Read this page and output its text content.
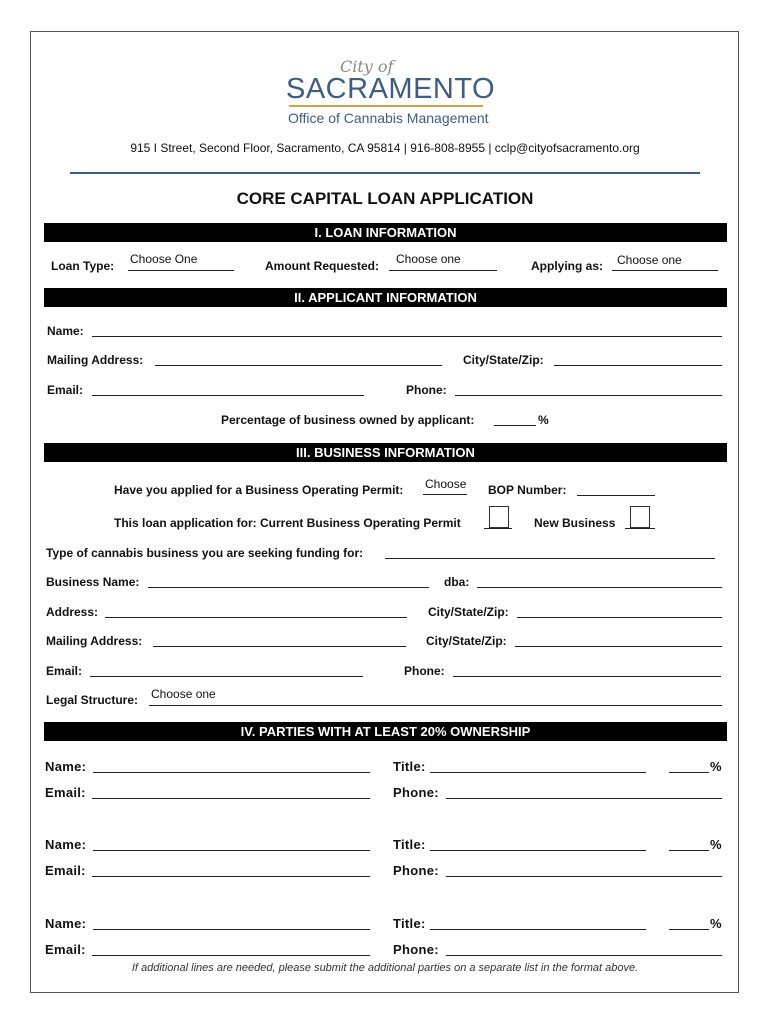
City of
SACRAMENTO
Office of Cannabis Management
915 I Street, Second Floor, Sacramento, CA 95814 | 916-808-8955 | cclp@cityofsacramento.org
CORE CAPITAL LOAN APPLICATION
I. LOAN INFORMATION
Loan Type: Choose One	Amount Requested: Choose one	Applying as: Choose one
II. APPLICANT INFORMATION
Name:
Mailing Address:	City/State/Zip:
Email:	Phone:
Percentage of business owned by applicant:	%
III. BUSINESS INFORMATION
Have you applied for a Business Operating Permit: Choose BOP Number:
This loan application for: Current Business Operating Permit	New Business
Type of cannabis business you are seeking funding for:
Business Name:	dba:
Address:	City/State/Zip:
Mailing Address:	City/State/Zip:
Email:	Phone:
Legal Structure: Choose one
IV. PARTIES WITH AT LEAST 20% OWNERSHIP
Name:	Title:	%
Email:	Phone:
Name:	Title:	%
Email:	Phone:
Name:	Title:	%
Email:	Phone:
If additional lines are needed, please submit the additional parties on a separate list in the format above.
